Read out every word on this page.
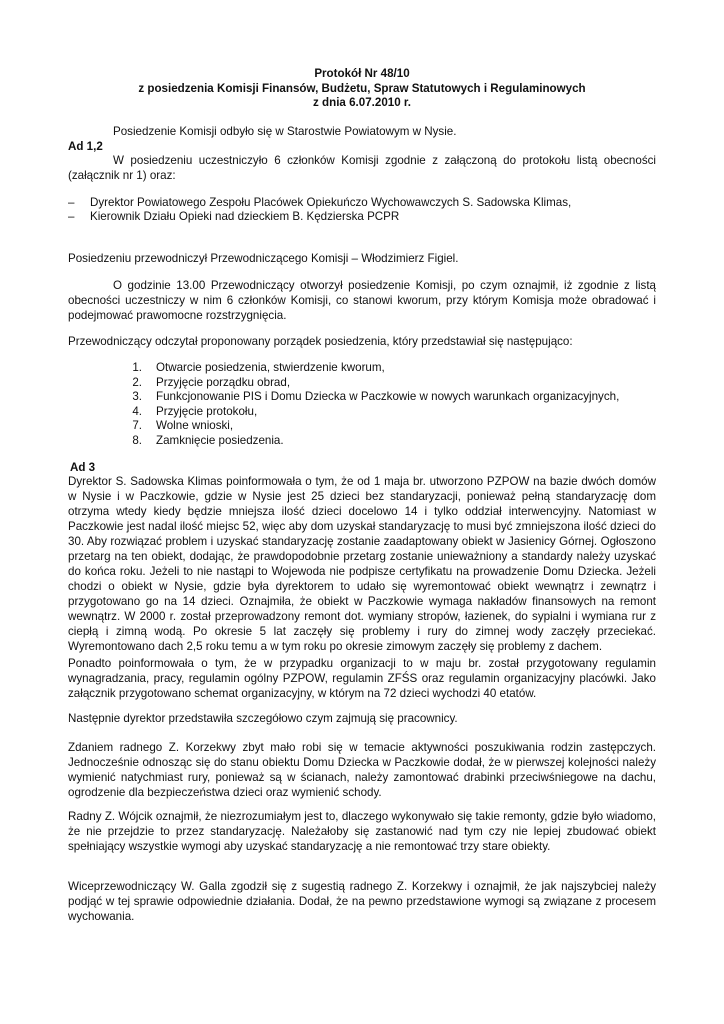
Protokół Nr 48/10
z posiedzenia Komisji Finansów, Budżetu, Spraw Statutowych i Regulaminowych
z dnia 6.07.2010 r.
Posiedzenie Komisji odbyło się w Starostwie Powiatowym w Nysie.
Ad 1,2
W posiedzeniu uczestniczyło 6 członków Komisji zgodnie z załączoną do protokołu listą obecności (załącznik nr 1) oraz:
– Dyrektor Powiatowego Zespołu Placówek Opiekuńczo Wychowawczych S. Sadowska Klimas,
– Kierownik Działu Opieki nad dzieckiem B. Kędzierska PCPR
Posiedzeniu przewodniczył Przewodniczącego Komisji – Włodzimierz Figiel.
O godzinie 13.00 Przewodniczący otworzył posiedzenie Komisji, po czym oznajmił, iż zgodnie z listą obecności uczestniczy w nim 6 członków Komisji, co stanowi kworum, przy którym Komisja może obradować i podejmować prawomocne rozstrzygnięcia.
Przewodniczący odczytał proponowany porządek posiedzenia, który przedstawiał się następująco:
1. Otwarcie posiedzenia, stwierdzenie kworum,
2. Przyjęcie porządku obrad,
3. Funkcjonowanie PIS i Domu Dziecka w Paczkowie w nowych warunkach organizacyjnych,
4. Przyjęcie protokołu,
7. Wolne wnioski,
8. Zamknięcie posiedzenia.
Ad 3
Dyrektor S. Sadowska Klimas poinformowała o tym, że od 1 maja br. utworzono PZPOW na bazie dwóch domów w Nysie i w Paczkowie, gdzie w Nysie jest 25 dzieci bez standaryzacji, ponieważ pełną standaryzację dom otrzyma wtedy kiedy będzie mniejsza ilość dzieci docelowo 14 i tylko oddział interwencyjny. Natomiast w Paczkowie jest nadal ilość miejsc 52, więc aby dom uzyskał standaryzację to musi być zmniejszona ilość dzieci do 30. Aby rozwiązać problem i uzyskać standaryzację zostanie zaadaptowany obiekt w Jasienicy Górnej. Ogłoszono przetarg na ten obiekt, dodając, że prawdopodobnie przetarg zostanie unieważniony a standardy należy uzyskać do końca roku. Jeżeli to nie nastąpi to Wojewoda nie podpisze certyfikatu na prowadzenie Domu Dziecka. Jeżeli chodzi o obiekt w Nysie, gdzie była dyrektorem to udało się wyremontować obiekt wewnątrz i zewnątrz i przygotowano go na 14 dzieci. Oznajmiła, że obiekt w Paczkowie wymaga nakładów finansowych na remont wewnątrz. W 2000 r. został przeprowadzony remont dot. wymiany stropów, łazienek, do sypialni i wymiana rur z ciepłą i zimną wodą. Po okresie 5 lat zaczęły się problemy i rury do zimnej wody zaczęły przeciekać. Wyremontowano dach 2,5 roku temu a w tym roku po okresie zimowym zaczęły się problemy z dachem.
Ponadto poinformowała o tym, że w przypadku organizacji to w maju br. został przygotowany regulamin wynagradzania, pracy, regulamin ogólny PZPOW, regulamin ZFŚS oraz regulamin organizacyjny placówki. Jako załącznik przygotowano schemat organizacyjny, w którym na 72 dzieci wychodzi 40 etatów.
Następnie dyrektor przedstawiła szczegółowo czym zajmują się pracownicy.
Zdaniem radnego Z. Korzekwy zbyt mało robi się w temacie aktywności poszukiwania rodzin zastępczych. Jednocześnie odnosząc się do stanu obiektu Domu Dziecka w Paczkowie dodał, że w pierwszej kolejności należy wymienić natychmiast rury, ponieważ są w ścianach, należy zamontować drabinki przeciwśniegowe na dachu, ogrodzenie dla bezpieczeństwa dzieci oraz wymienić schody.
Radny Z. Wójcik oznajmił, że niezrozumiałym jest to, dlaczego wykonywało się takie remonty, gdzie było wiadomo, że nie przejdzie to przez standaryzację. Należałoby się zastanowić nad tym czy nie lepiej zbudować obiekt spełniający wszystkie wymogi aby uzyskać standaryzację a nie remontować trzy stare obiekty.
Wiceprzewodniczący W. Galla zgodził się z sugestią radnego Z. Korzekwy i oznajmił, że jak najszybciej należy podjąć w tej sprawie odpowiednie działania. Dodał, że na pewno przedstawione wymogi są związane z procesem wychowania.
